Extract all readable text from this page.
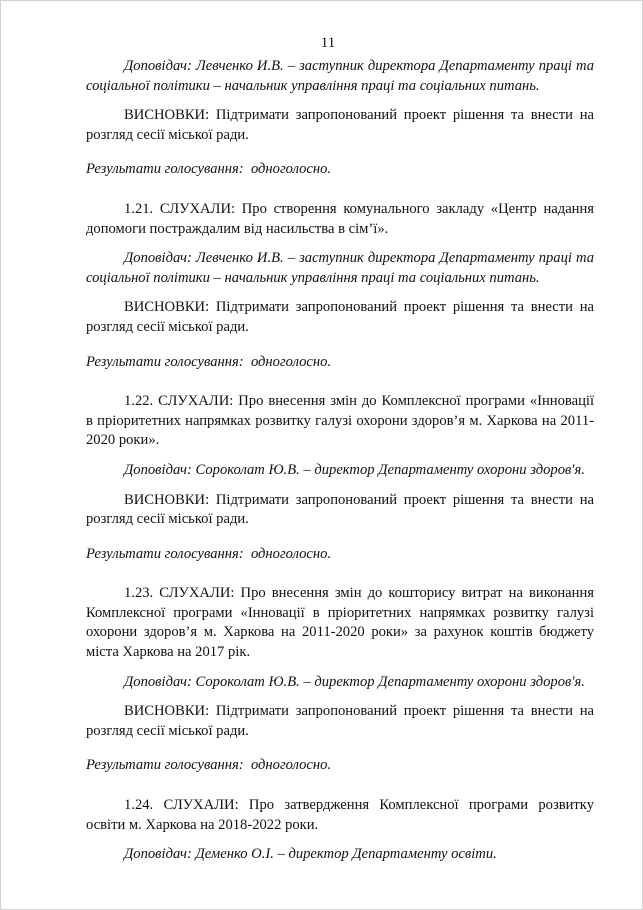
11

Доповідач: Левченко И.В. – заступник директора Департаменту праці та соціальної політики – начальник управління праці та соціальних питань.

ВИСНОВКИ: Підтримати запропонований проект рішення та внести на розгляд сесії міської ради.

Результати голосування: одноголосно.

1.21. СЛУХАЛИ: Про створення комунального закладу «Центр надання допомоги постраждалим від насильства в сім’ї».

Доповідач: Левченко И.В. – заступник директора Департаменту праці та соціальної політики – начальник управління праці та соціальних питань.

ВИСНОВКИ: Підтримати запропонований проект рішення та внести на розгляд сесії міської ради.

Результати голосування: одноголосно.

1.22. СЛУХАЛИ: Про внесення змін до Комплексної програми «Інновації в пріоритетних напрямках розвитку галузі охорони здоров’я м. Харкова на 2011-2020 роки».

Доповідач: Сороколат Ю.В. – директор Департаменту охорони здоров'я.

ВИСНОВКИ: Підтримати запропонований проект рішення та внести на розгляд сесії міської ради.

Результати голосування: одноголосно.

1.23. СЛУХАЛИ: Про внесення змін до кошторису витрат на виконання Комплексної програми «Інновації в пріоритетних напрямках розвитку галузі охорони здоров’я м. Харкова на 2011-2020 роки» за рахунок коштів бюджету міста Харкова на 2017 рік.

Доповідач: Сороколат Ю.В. – директор Департаменту охорони здоров'я.

ВИСНОВКИ: Підтримати запропонований проект рішення та внести на розгляд сесії міської ради.

Результати голосування: одноголосно.

1.24. СЛУХАЛИ: Про затвердження Комплексної програми розвитку освіти м. Харкова на 2018-2022 роки.

Доповідач: Деменко О.І. – директор Департаменту освіти.
